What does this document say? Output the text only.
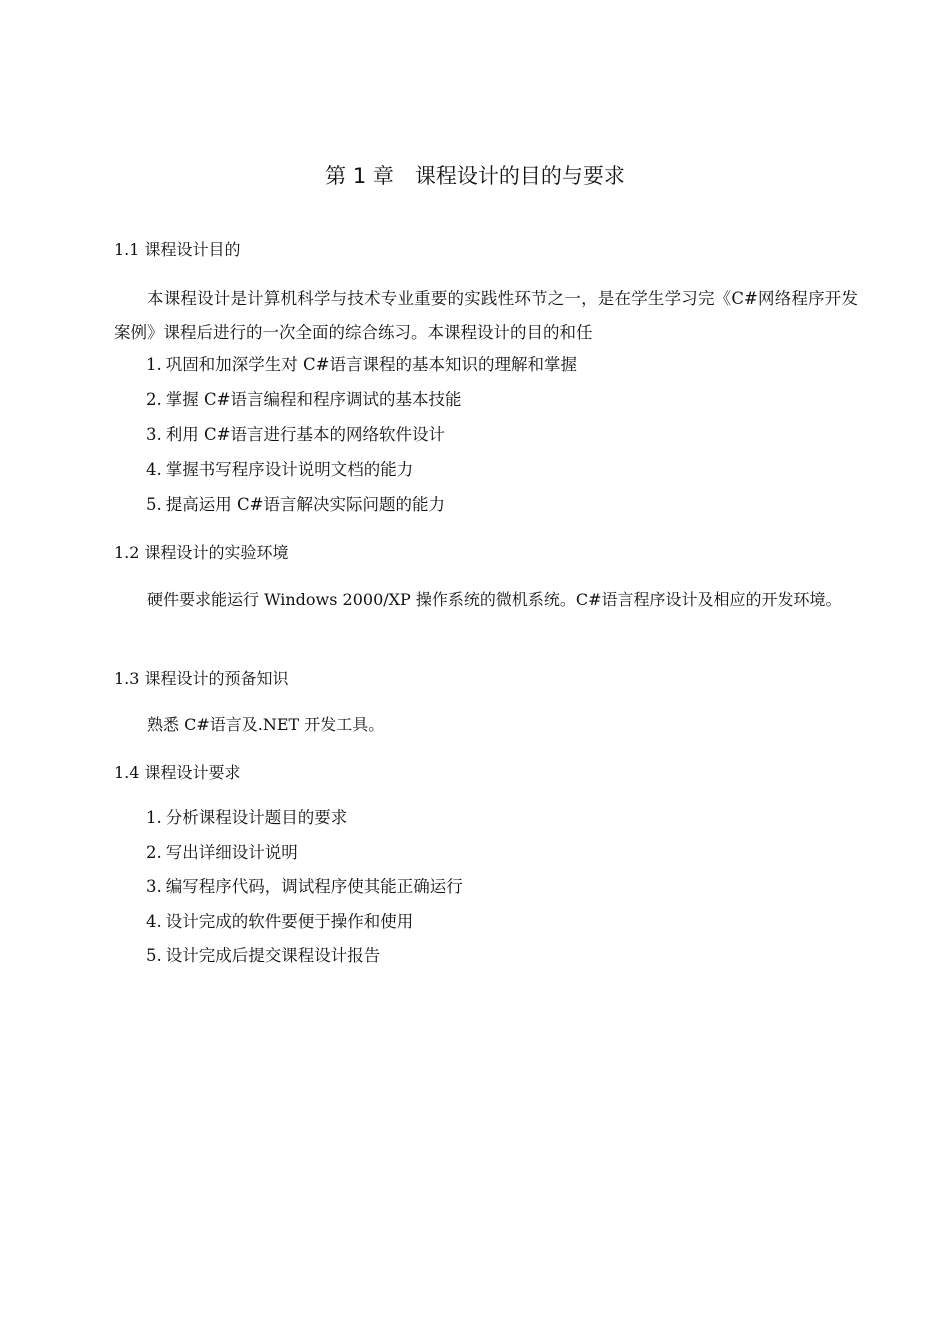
第 1 章　课程设计的目的与要求
1.1 课程设计目的
本课程设计是计算机科学与技术专业重要的实践性环节之一，是在学生学习完《C#网络程序开发案例》课程后进行的一次全面的综合练习。本课程设计的目的和任
1. 巩固和加深学生对 C#语言课程的基本知识的理解和掌握
2. 掌握 C#语言编程和程序调试的基本技能
3. 利用 C#语言进行基本的网络软件设计
4. 掌握书写程序设计说明文档的能力
5. 提高运用 C#语言解决实际问题的能力
1.2 课程设计的实验环境
硬件要求能运行 Windows 2000/XP 操作系统的微机系统。C#语言程序设计及相应的开发环境。
1.3 课程设计的预备知识
熟悉 C#语言及.NET 开发工具。
1.4 课程设计要求
1. 分析课程设计题目的要求
2. 写出详细设计说明
3. 编写程序代码，调试程序使其能正确运行
4. 设计完成的软件要便于操作和使用
5. 设计完成后提交课程设计报告
